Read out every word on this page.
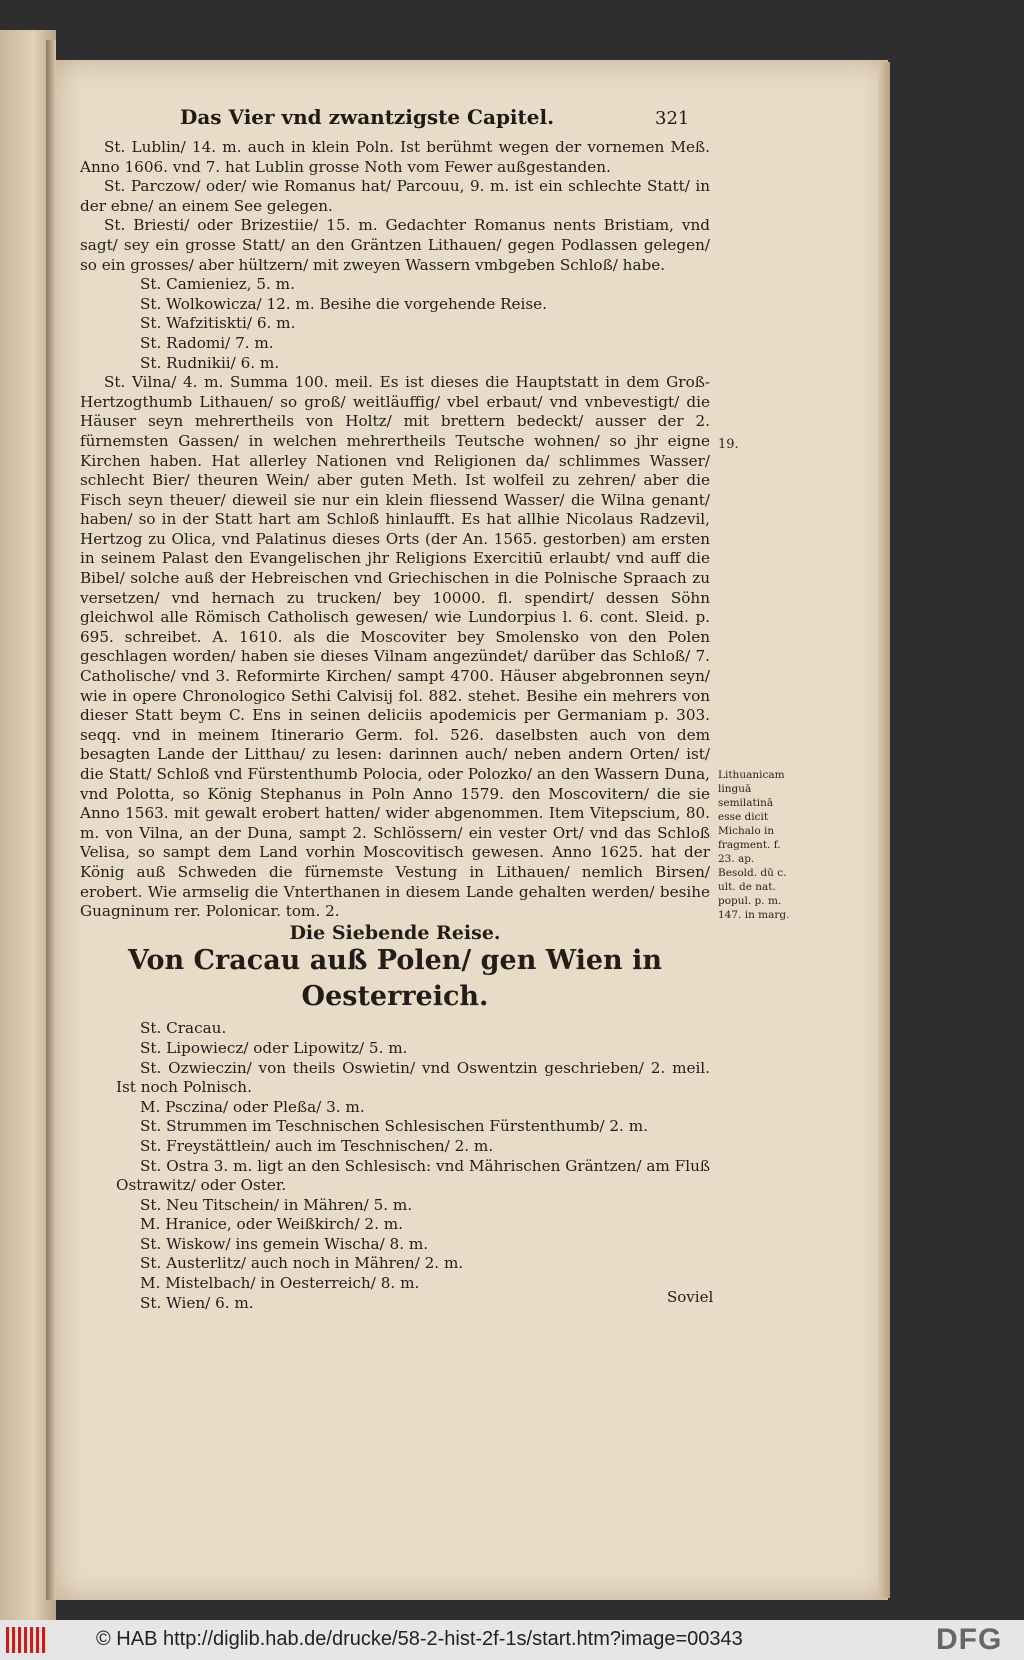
Das Vier vnd zwantzigste Capitel.	321

St. Lublin/ 14. m. auch in klein Poln. Ist berühmt wegen der vornemen Meß. Anno 1606. vnd 7. hat Lublin grosse Noth vom Fewer außgestanden.

St. Parczow/ oder/ wie Romanus hat/ Parcouu, 9. m. ist ein schlechte Statt/ in der ebne/ an einem See gelegen.

St. Briesti/ oder Brizestiie/ 15. m. Gedachter Romanus nents Bristiam, vnd sagt/ sey ein grosse Statt/ an den Gräntzen Lithauen/ gegen Podlassen gelegen/ so ein grosses/ aber hültzern/ mit zweyen Wassern vmbgeben Schloß/ habe.

St. Camieniez, 5. m.

St. Wolkowicza/ 12. m. Besihe die vorgehende Reise.

St. Wafzitiskti/ 6. m.

St. Radomi/ 7. m.

St. Rudnikii/ 6. m.

St. Vilna/ 4. m. Summa 100. meil. Es ist dieses die Hauptstatt in dem Groß-Hertzogthumb Lithauen/ so groß/ weitläuffig/ vbel erbaut/ vnd vnbevestigt/ die Häuser seyn mehrertheils von Holtz/ mit brettern bedeckt/ ausser der 2. fürnemsten Gassen/ in welchen mehrertheils Teutsche wohnen/ so jhr eigne Kirchen haben. Hat allerley Nationen vnd Religionen da/ schlimmes Wasser/ schlecht Bier/ theuren Wein/ aber guten Meth. Ist wolfeil zu zehren/ aber die Fisch seyn theuer/ dieweil sie nur ein klein fliessend Wasser/ die Wilna genant/ haben/ so in der Statt hart am Schloß hinlaufft. Es hat allhie Nicolaus Radzevil, Hertzog zu Olica, vnd Palatinus dieses Orts (der An. 1565. gestorben) am ersten in seinem Palast den Evangelischen jhr Religions Exercitiū erlaubt/ vnd auff die Bibel/ solche auß der Hebreischen vnd Griechischen in die Polnische Spraach zu versetzen/ vnd hernach zu trucken/ bey 10000. fl. spendirt/ dessen Söhn gleichwol alle Römisch Catholisch gewesen/ wie Lundorpius l. 6. cont. Sleid. p. 695. schreibet. A. 1610. als die Moscoviter bey Smolensko von den Polen geschlagen worden/ haben sie dieses Vilnam angezündet/ darüber das Schloß/ 7. Catholische/ vnd 3. Reformirte Kirchen/ sampt 4700. Häuser abgebronnen seyn/ wie in opere Chronologico Sethi Calvisij fol. 882. stehet. Besihe ein mehrers von dieser Statt beym C. Ens in seinen deliciis apodemicis per Germaniam p. 303. seqq. vnd in meinem Itinerario Germ. fol. 526. daselbsten auch von dem besagten Lande der Litthau/ zu lesen: darinnen auch/ neben andern Orten/ ist/ die Statt/ Schloß vnd Fürstenthumb Polocia, oder Polozko/ an den Wassern Duna, vnd Polotta, so König Stephanus in Poln Anno 1579. den Moscovitern/ die sie Anno 1563. mit gewalt erobert hatten/ wider abgenommen. Item Vitepscium, 80. m. von Vilna, an der Duna, sampt 2. Schlössern/ ein vester Ort/ vnd das Schloß Velisa, so sampt dem Land vorhin Moscovitisch gewesen. Anno 1625. hat der König auß Schweden die fürnemste Vestung in Lithauen/ nemlich Birsen/ erobert. Wie armselig die Vnterthanen in diesem Lande gehalten werden/ besihe Guagninum rer. Polonicar. tom. 2.

Die Siebende Reise.
Von Cracau auß Polen/ gen Wien in Oesterreich.

St. Cracau.

St. Lipowiecz/ oder Lipowitz/ 5. m.

St. Ozwieczin/ von theils Oswietin/ vnd Oswentzin geschrieben/ 2. meil. Ist noch Polnisch.

M. Psczina/ oder Pleßa/ 3. m.

St. Strummen im Teschnischen Schlesischen Fürstenthumb/ 2. m.

St. Freystättlein/ auch im Teschnischen/ 2. m.

St. Ostra 3. m. ligt an den Schlesisch: vnd Mährischen Gräntzen/ am Fluß Ostrawitz/ oder Oster.

St. Neu Titschein/ in Mähren/ 5. m.

M. Hranice, oder Weißkirch/ 2. m.

St. Wiskow/ ins gemein Wischa/ 8. m.

St. Austerlitz/ auch noch in Mähren/ 2. m.

M. Mistelbach/ in Oesterreich/ 8. m.

St. Wien/ 6. m.

19.
Lithuanicam linguā semilatinā esse dicit Michalo in fragment. f. 23. ap. Besold. dū c. ult. de nat. popul. p. m. 147. in marg.
Soviel
© HAB http://diglib.hab.de/drucke/58-2-hist-2f-1s/start.htm?image=00343	DFG
